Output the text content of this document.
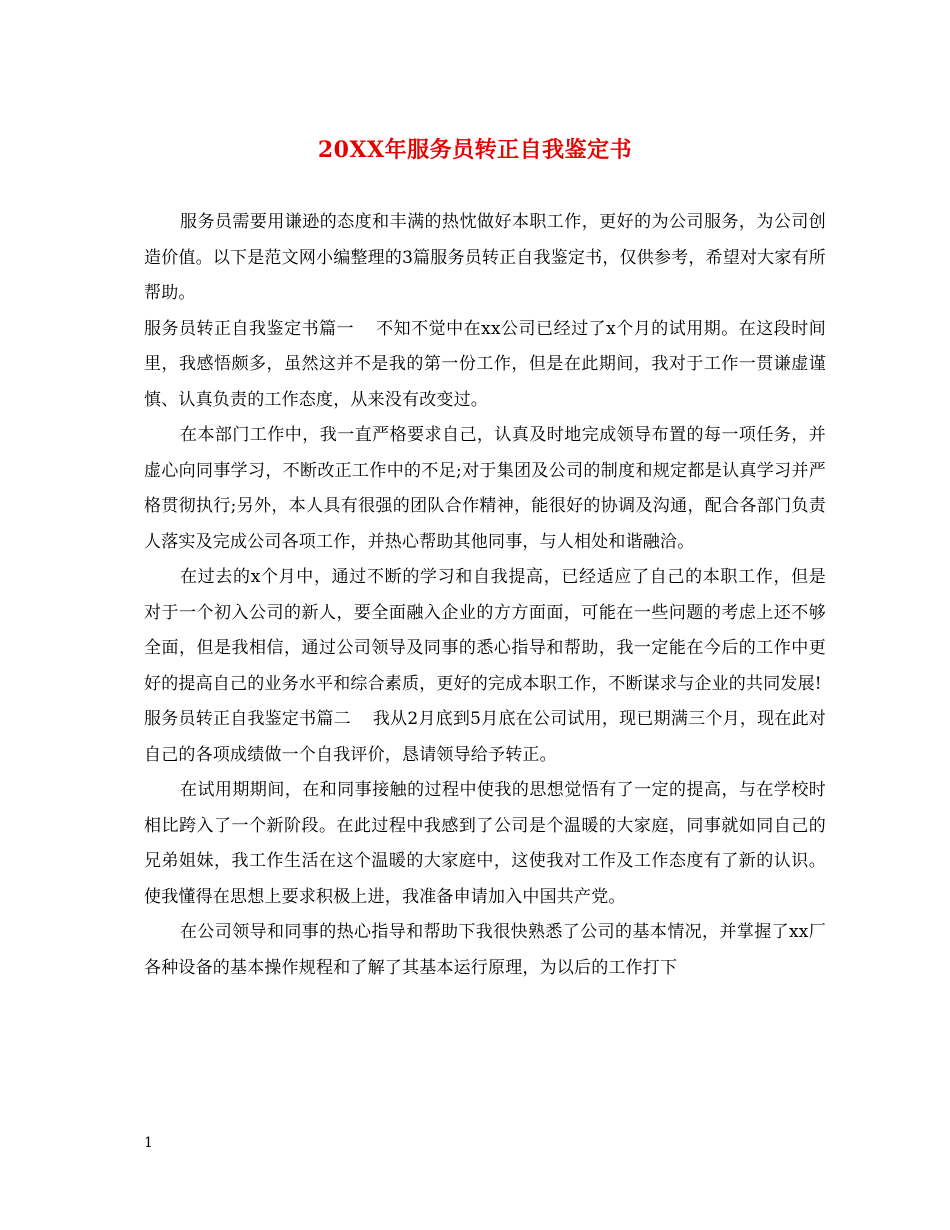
20XX年服务员转正自我鉴定书

服务员需要用谦逊的态度和丰满的热忱做好本职工作，更好的为公司服务，为公司创造价值。以下是范文网小编整理的3篇服务员转正自我鉴定书，仅供参考，希望对大家有所帮助。

服务员转正自我鉴定书篇一 不知不觉中在xx公司已经过了x个月的试用期。在这段时间里，我感悟颇多，虽然这并不是我的第一份工作，但是在此期间，我对于工作一贯谦虚谨慎、认真负责的工作态度，从来没有改变过。

在本部门工作中，我一直严格要求自己，认真及时地完成领导布置的每一项任务，并虚心向同事学习，不断改正工作中的不足;对于集团及公司的制度和规定都是认真学习并严格贯彻执行;另外，本人具有很强的团队合作精神，能很好的协调及沟通，配合各部门负责人落实及完成公司各项工作，并热心帮助其他同事，与人相处和谐融洽。

在过去的x个月中，通过不断的学习和自我提高，已经适应了自己的本职工作，但是对于一个初入公司的新人，要全面融入企业的方方面面，可能在一些问题的考虑上还不够全面，但是我相信，通过公司领导及同事的悉心指导和帮助，我一定能在今后的工作中更好的提高自己的业务水平和综合素质，更好的完成本职工作，不断谋求与企业的共同发展!

服务员转正自我鉴定书篇二 我从2月底到5月底在公司试用，现已期满三个月，现在此对自己的各项成绩做一个自我评价，恳请领导给予转正。

在试用期期间，在和同事接触的过程中使我的思想觉悟有了一定的提高，与在学校时相比跨入了一个新阶段。在此过程中我感到了公司是个温暖的大家庭，同事就如同自己的兄弟姐妹，我工作生活在这个温暖的大家庭中，这使我对工作及工作态度有了新的认识。使我懂得在思想上要求积极上进，我准备申请加入中国共产党。

在公司领导和同事的热心指导和帮助下我很快熟悉了公司的基本情况，并掌握了xx厂各种设备的基本操作规程和了解了其基本运行原理，为以后的工作打下

1
